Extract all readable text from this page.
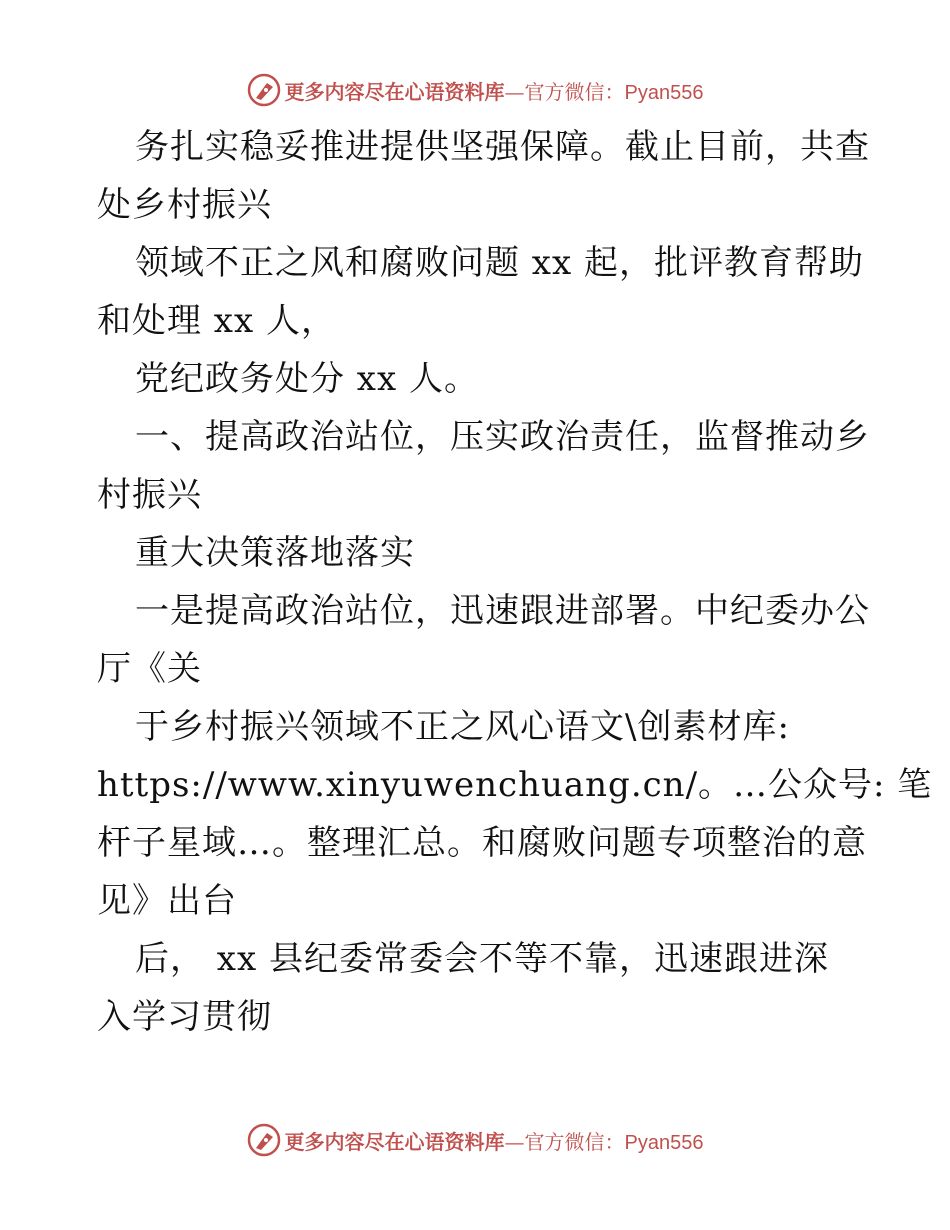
更多内容尽在心语资料库—官方微信：Pyan556
务扎实稳妥推进提供坚强保障。截止目前，共查
处乡村振兴
领域不正之风和腐败问题 xx 起，批评教育帮助
和处理 xx 人，
党纪政务处分 xx 人。
一、提高政治站位，压实政治责任，监督推动乡
村振兴
重大决策落地落实
一是提高政治站位，迅速跟进部署。中纪委办公
厅《关
于乡村振兴领域不正之风心语文\创素材库:
https://www.xinyuwenchuang.cn/。…公众号: 笔
杆子星域…。整理汇总。和腐败问题专项整治的意
见》出台
后， xx 县纪委常委会不等不靠，迅速跟进深
入学习贯彻
更多内容尽在心语资料库—官方微信：Pyan556
